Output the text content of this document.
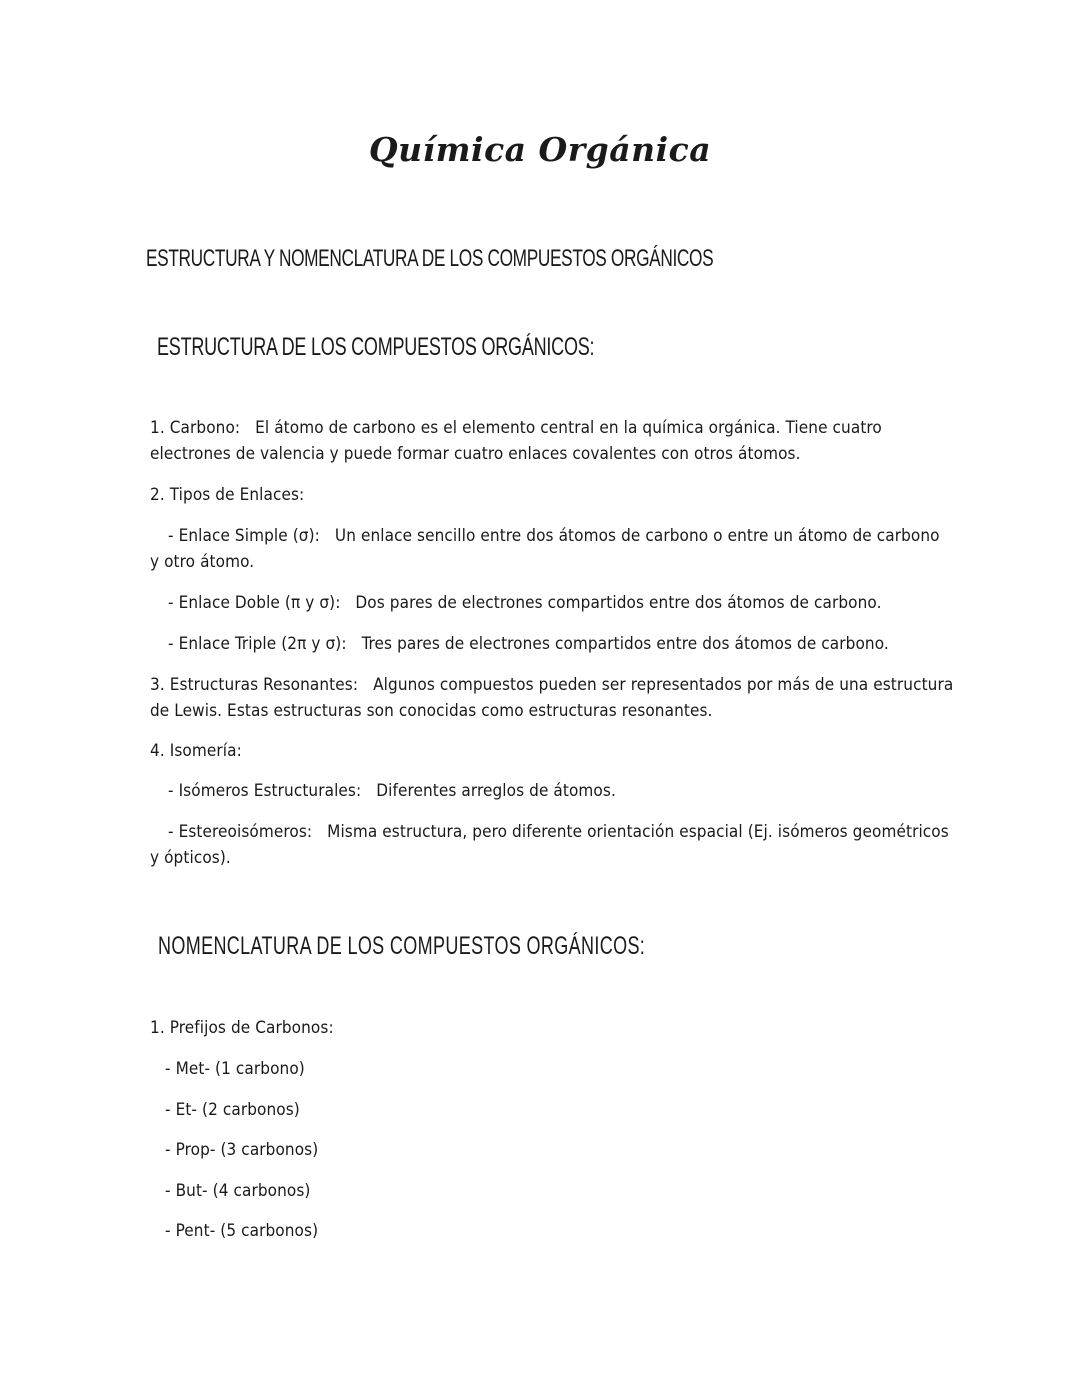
Química Orgánica
ESTRUCTURA Y NOMENCLATURA DE LOS COMPUESTOS ORGÁNICOS
ESTRUCTURA DE LOS COMPUESTOS ORGÁNICOS:

1. Carbono: El átomo de carbono es el elemento central en la química orgánica. Tiene cuatro

electrones de valencia y puede formar cuatro enlaces covalentes con otros átomos.

2. Tipos de Enlaces:

- Enlace Simple (σ): Un enlace sencillo entre dos átomos de carbono o entre un átomo de carbono

y otro átomo.

- Enlace Doble (π y σ): Dos pares de electrones compartidos entre dos átomos de carbono.

- Enlace Triple (2π y σ): Tres pares de electrones compartidos entre dos átomos de carbono.

3. Estructuras Resonantes: Algunos compuestos pueden ser representados por más de una estructura

de Lewis. Estas estructuras son conocidas como estructuras resonantes.

4. Isomería:

- Isómeros Estructurales: Diferentes arreglos de átomos.

- Estereoisómeros: Misma estructura, pero diferente orientación espacial (Ej. isómeros geométricos

y ópticos).

NOMENCLATURA DE LOS COMPUESTOS ORGÁNICOS:

1. Prefijos de Carbonos:

- Met- (1 carbono)

- Et- (2 carbonos)

- Prop- (3 carbonos)

- But- (4 carbonos)

- Pent- (5 carbonos)
